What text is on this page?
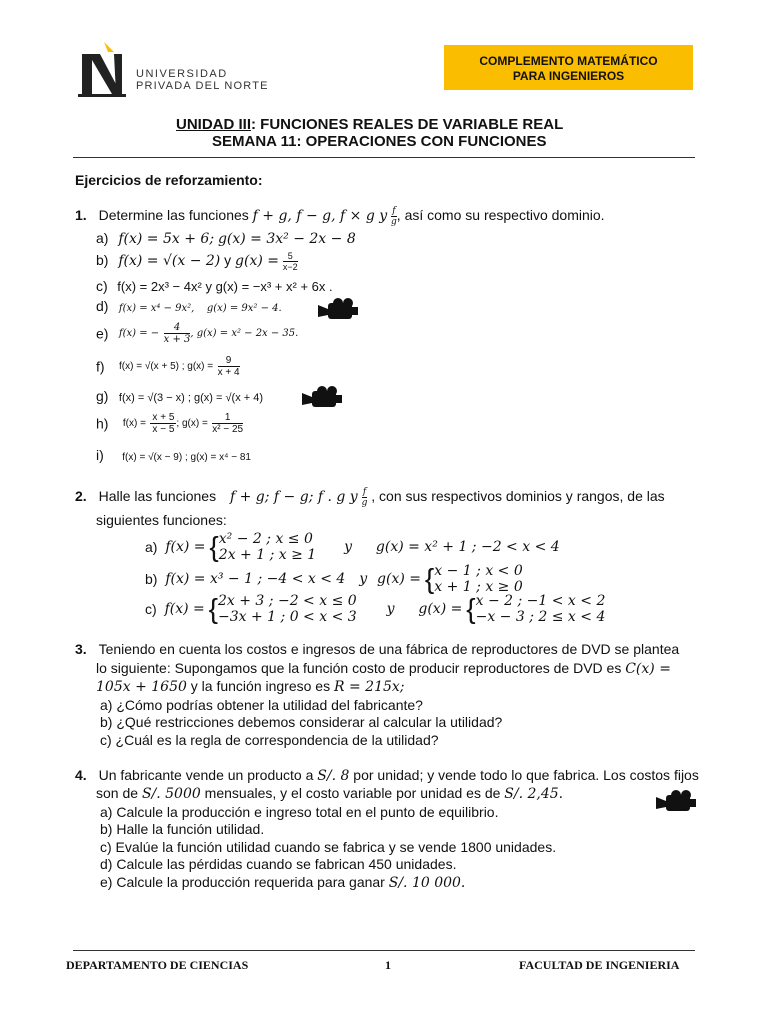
UNIVERSIDAD
PRIVADA DEL NORTE
COMPLEMENTO MATEMÁTICO
PARA INGENIEROS
UNIDAD III: FUNCIONES REALES DE VARIABLE REAL
SEMANA 11: OPERACIONES CON FUNCIONES
Ejercicios de reforzamiento:
1. Determine las funciones f + g, f − g, f × g y $\frac{f}{g}$ , así como su respectivo dominio.
a) f(x) = 5x + 6; g(x) = 3x² − 2x − 8
b) f(x) = √(x − 2) y $g(x) = \frac{5}{x-2}$
c) f(x) = 2x³ − 4x² y g(x) = −x³ + x² + 6x .
d) f(x) = x⁴ − 9x², g(x) = 9x² − 4.
e) f(x) = − $\frac{4}{x + 3}$ , g(x) = x² − 2x − 35.
f) f(x) = √(x + 5) ; $g(x) = \frac{9}{x + 4}$
g) f(x) = √(3 − x) ; g(x) = √(x + 4)
h) $f(x) = \frac{x + 5}{x - 5}$ ; $g(x) = \frac{1}{\text{x² − 25}}$
i) f(x) = √(x − 9) ; g(x) = x⁴ − 81
2. Halle las funciones f + g; f − g; f . g y $\frac{f}{g}$ , con sus respectivos dominios y rangos, de las
siguientes funciones:
a) f(x) = { x² − 2 ; x ≤ 0
2x + 1 ; x ≥ 1 y g(x) = x² + 1 ; −2 < x < 4
b) f(x) = x³ − 1 ; −4 < x < 4 y g(x) = { x − 1 ; x < 0
x + 1 ; x ≥ 0
c) f(x) = { 2x + 3 ; −2 < x ≤ 0
−3x + 1 ; 0 < x < 3 y g(x) = { x − 2 ; −1 < x < 2
−x − 3 ; 2 ≤ x < 4
3. Teniendo en cuenta los costos e ingresos de una fábrica de reproductores de DVD se plantea
lo siguiente: Supongamos que la función costo de producir reproductores de DVD es C(x) =
105x + 1650 y la función ingreso es R = 215x;
a) ¿Cómo podrías obtener la utilidad del fabricante?
b) ¿Qué restricciones debemos considerar al calcular la utilidad?
c) ¿Cuál es la regla de correspondencia de la utilidad?
4. Un fabricante vende un producto a S/. 8 por unidad; y vende todo lo que fabrica. Los costos fijos
son de S/. 5000 mensuales, y el costo variable por unidad es de S/. 2,45.
a) Calcule la producción e ingreso total en el punto de equilibrio.
b) Halle la función utilidad.
c) Evalúe la función utilidad cuando se fabrica y se vende 1800 unidades.
d) Calcule las pérdidas cuando se fabrican 450 unidades.
e) Calcule la producción requerida para ganar S/. 10 000.
DEPARTAMENTO DE CIENCIAS	1	FACULTAD DE INGENIERIA
